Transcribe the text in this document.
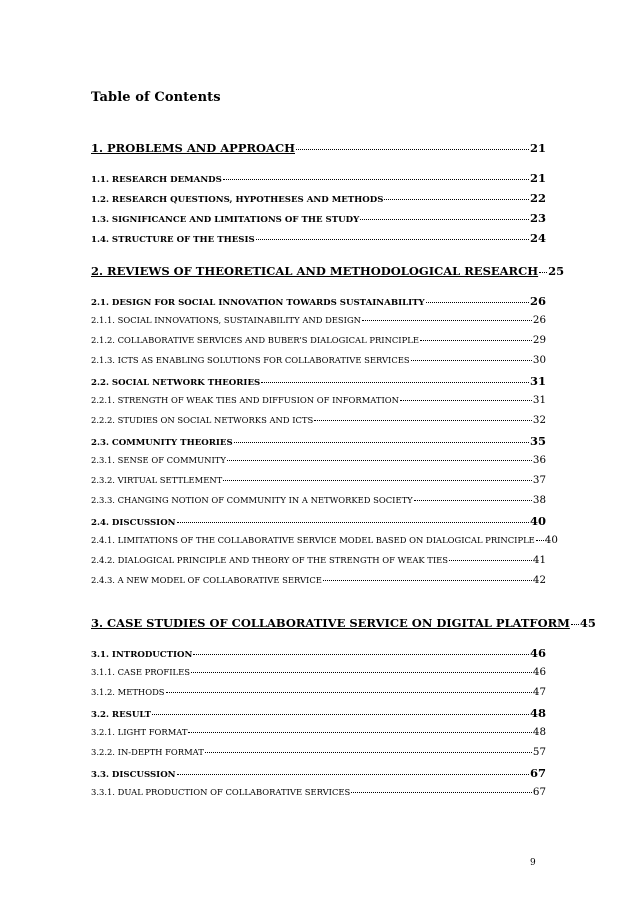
Table of Contents
9
1. PROBLEMS AND APPROACH	21
1.1. RESEARCH DEMANDS	21
1.2. RESEARCH QUESTIONS, HYPOTHESES AND METHODS	22
1.3. SIGNIFICANCE AND LIMITATIONS OF THE STUDY	23
1.4. STRUCTURE OF THE THESIS	24
2. REVIEWS OF THEORETICAL AND METHODOLOGICAL RESEARCH 25
2.1. DESIGN FOR SOCIAL INNOVATION TOWARDS SUSTAINABILITY	26
2.1.1. SOCIAL INNOVATIONS, SUSTAINABILITY AND DESIGN	26
2.1.2. COLLABORATIVE SERVICES AND BUBER’S DIALOGICAL PRINCIPLE	29
2.1.3. ICTS AS ENABLING SOLUTIONS FOR COLLABORATIVE SERVICES	30
2.2. SOCIAL NETWORK THEORIES	31
2.2.1. STRENGTH OF WEAK TIES AND DIFFUSION OF INFORMATION	31
2.2.2. STUDIES ON SOCIAL NETWORKS AND ICTS	32
2.3. COMMUNITY THEORIES	35
2.3.1. SENSE OF COMMUNITY	36
2.3.2. VIRTUAL SETTLEMENT	37
2.3.3. CHANGING NOTION OF COMMUNITY IN A NETWORKED SOCIETY	38
2.4. DISCUSSION	40
2.4.1. LIMITATIONS OF THE COLLABORATIVE SERVICE MODEL BASED ON DIALOGICAL PRINCIPLE 40
2.4.2. DIALOGICAL PRINCIPLE AND THEORY OF THE STRENGTH OF WEAK TIES	41
2.4.3. A NEW MODEL OF COLLABORATIVE SERVICE	42
3. CASE STUDIES OF COLLABORATIVE SERVICE ON DIGITAL PLATFORM 45
3.1. INTRODUCTION	46
3.1.1. CASE PROFILES	46
3.1.2. METHODS	47
3.2. RESULT	48
3.2.1. LIGHT FORMAT	48
3.2.2. IN-DEPTH FORMAT	57
3.3. DISCUSSION	67
3.3.1. DUAL PRODUCTION OF COLLABORATIVE SERVICES	67
